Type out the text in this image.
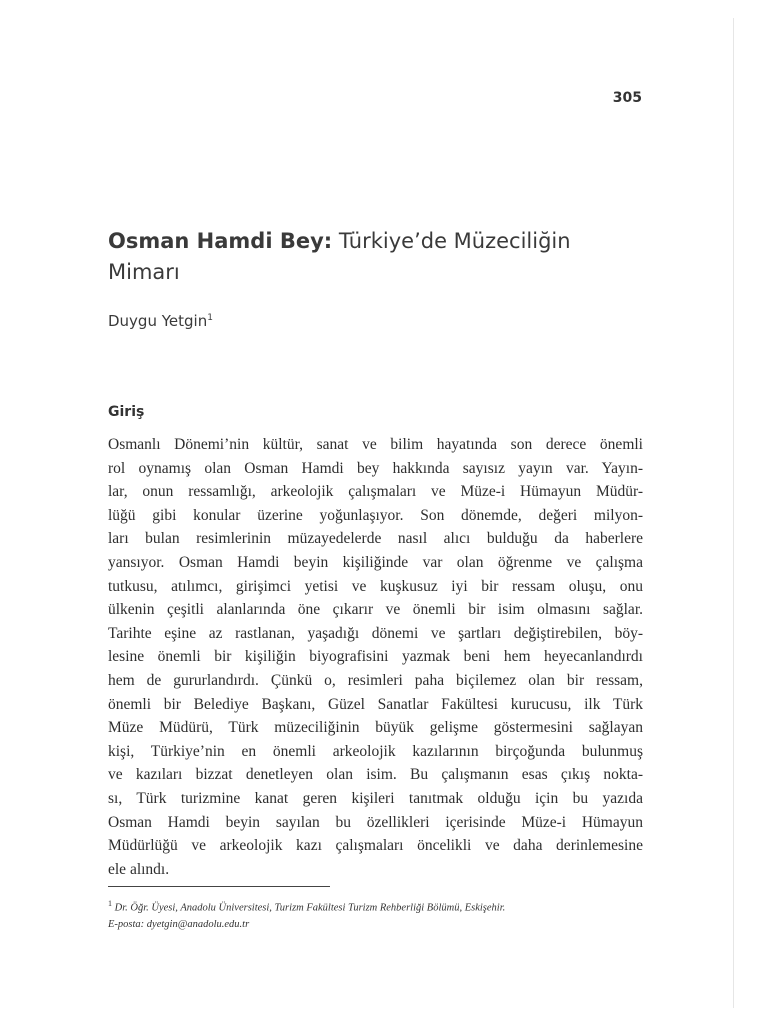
305
Osman Hamdi Bey: Türkiye’de Müzeciliğin
Mimarı
Duygu Yetgin$^1$
Giriş
Osmanlı Dönemi’nin kültür, sanat ve bilim hayatında son derece önemli
rol oynamış olan Osman Hamdi bey hakkında sayısız yayın var. Yayın-
lar, onun ressamlığı, arkeolojik çalışmaları ve Müze-i Hümayun Müdür-
lüğü gibi konular üzerine yoğunlaşıyor. Son dönemde, değeri milyon-
ları bulan resimlerinin müzayedelerde nasıl alıcı bulduğu da haberlere
yansıyor. Osman Hamdi beyin kişiliğinde var olan öğrenme ve çalışma
tutkusu, atılımcı, girişimci yetisi ve kuşkusuz iyi bir ressam oluşu, onu
ülkenin çeşitli alanlarında öne çıkarır ve önemli bir isim olmasını sağlar.
Tarihte eşine az rastlanan, yaşadığı dönemi ve şartları değiştirebilen, böy-
lesine önemli bir kişiliğin biyografisini yazmak beni hem heyecanlandırdı
hem de gururlandırdı. Çünkü o, resimleri paha biçilemez olan bir ressam,
önemli bir Belediye Başkanı, Güzel Sanatlar Fakültesi kurucusu, ilk Türk
Müze Müdürü, Türk müzeciliğinin büyük gelişme göstermesini sağlayan
kişi, Türkiye’nin en önemli arkeolojik kazılarının birçoğunda bulunmuş
ve kazıları bizzat denetleyen olan isim. Bu çalışmanın esas çıkış nokta-
sı, Türk turizmine kanat geren kişileri tanıtmak olduğu için bu yazıda
Osman Hamdi beyin sayılan bu özellikleri içerisinde Müze-i Hümayun
Müdürlüğü ve arkeolojik kazı çalışmaları öncelikli ve daha derinlemesine
ele alındı.
$^1$ Dr. Öğr. Üyesi, Anadolu Üniversitesi, Turizm Fakültesi Turizm Rehberliği Bölümü, Eskişehir.
E-posta: dyetgin@anadolu.edu.tr
